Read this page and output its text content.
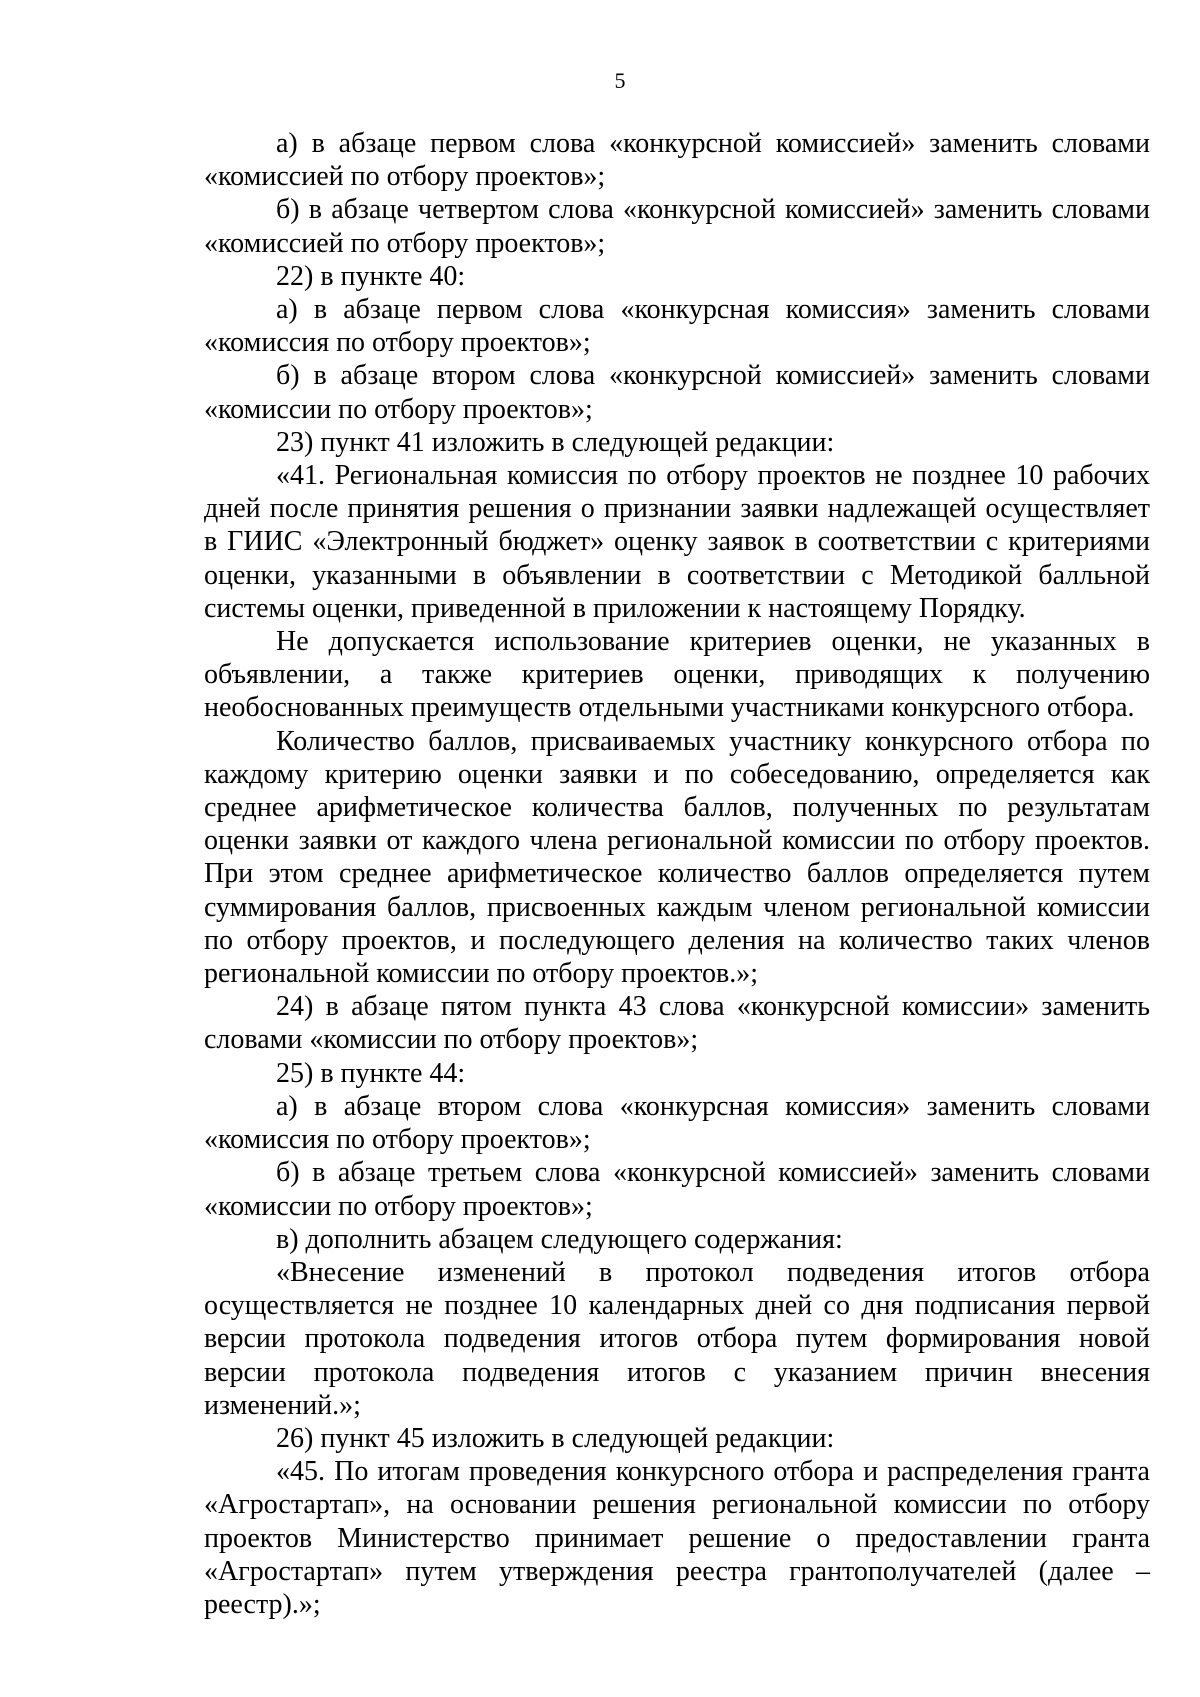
5

а) в абзаце первом слова «конкурсной комиссией» заменить словами «комиссией по отбору проектов»;

б) в абзаце четвертом слова «конкурсной комиссией» заменить словами «комиссией по отбору проектов»;

22) в пункте 40:

а) в абзаце первом слова «конкурсная комиссия» заменить словами «комиссия по отбору проектов»;

б) в абзаце втором слова «конкурсной комиссией» заменить словами «комиссии по отбору проектов»;

23) пункт 41 изложить в следующей редакции:

«41. Региональная комиссия по отбору проектов не позднее 10 рабочих дней после принятия решения о признании заявки надлежащей осуществляет в ГИИС «Электронный бюджет» оценку заявок в соответствии с критериями оценки, указанными в объявлении в соответствии с Методикой балльной системы оценки, приведенной в приложении к настоящему Порядку.

Не допускается использование критериев оценки, не указанных в объявлении, а также критериев оценки, приводящих к получению необоснованных преимуществ отдельными участниками конкурсного отбора.

Количество баллов, присваиваемых участнику конкурсного отбора по каждому критерию оценки заявки и по собеседованию, определяется как среднее арифметическое количества баллов, полученных по результатам оценки заявки от каждого члена региональной комиссии по отбору проектов. При этом среднее арифметическое количество баллов определяется путем суммирования баллов, присвоенных каждым членом региональной комиссии по отбору проектов, и последующего деления на количество таких членов региональной комиссии по отбору проектов.»;

24) в абзаце пятом пункта 43 слова «конкурсной комиссии» заменить словами «комиссии по отбору проектов»;

25) в пункте 44:

а) в абзаце втором слова «конкурсная комиссия» заменить словами «комиссия по отбору проектов»;

б) в абзаце третьем слова «конкурсной комиссией» заменить словами «комиссии по отбору проектов»;

в) дополнить абзацем следующего содержания:

«Внесение изменений в протокол подведения итогов отбора осуществляется не позднее 10 календарных дней со дня подписания первой версии протокола подведения итогов отбора путем формирования новой версии протокола подведения итогов с указанием причин внесения изменений.»;

26) пункт 45 изложить в следующей редакции:

«45. По итогам проведения конкурсного отбора и распределения гранта «Агростартап», на основании решения региональной комиссии по отбору проектов Министерство принимает решение о предоставлении гранта «Агростартап» путем утверждения реестра грантополучателей (далее – реестр).»;
